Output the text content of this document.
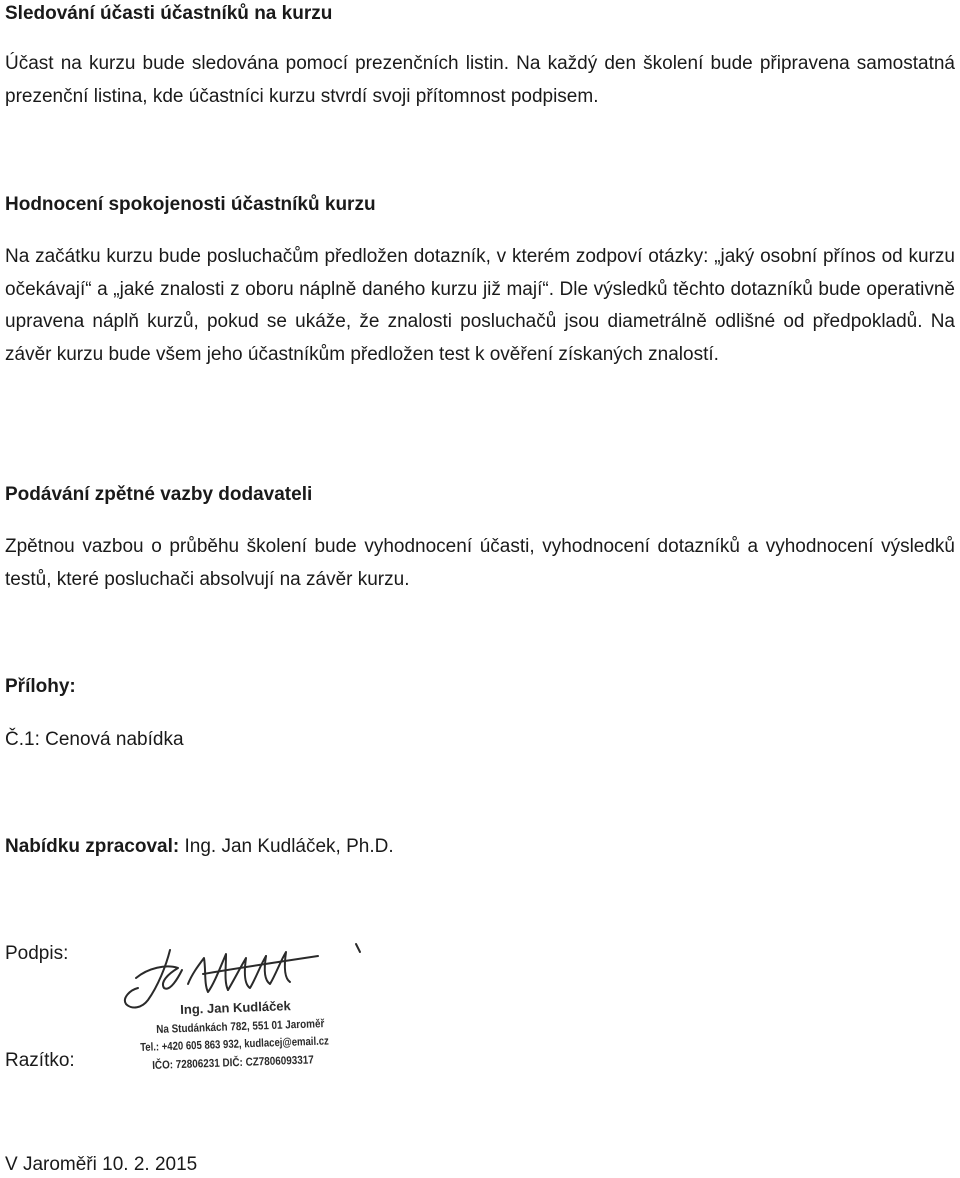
Sledování účasti účastníků na kurzu

Účast na kurzu bude sledována pomocí prezenčních listin. Na každý den školení bude připravena samostatná prezenční listina, kde účastníci kurzu stvrdí svoji přítomnost podpisem.

Hodnocení spokojenosti účastníků kurzu

Na začátku kurzu bude posluchačům předložen dotazník, v kterém zodpoví otázky: „jaký osobní přínos od kurzu očekávají“ a „jaké znalosti z oboru náplně daného kurzu již mají“. Dle výsledků těchto dotazníků bude operativně upravena náplň kurzů, pokud se ukáže, že znalosti posluchačů jsou diametrálně odlišné od předpokladů. Na závěr kurzu bude všem jeho účastníkům předložen test k ověření získaných znalostí.

Podávání zpětné vazby dodavateli

Zpětnou vazbou o průběhu školení bude vyhodnocení účasti, vyhodnocení dotazníků a vyhodnocení výsledků testů, které posluchači absolvují na závěr kurzu.

Přílohy:

Č.1: Cenová nabídka

Nabídku zpracoval: Ing. Jan Kudláček, Ph.D.

Podpis:

Razítko:

Ing. Jan Kudláček
Na Studánkách 782, 551 01 Jaroměř
Tel.: +420 605 863 932, kudlacej@email.cz
IČO: 72806231 DIČ: CZ7806093317

V Jaroměři 10. 2. 2015
